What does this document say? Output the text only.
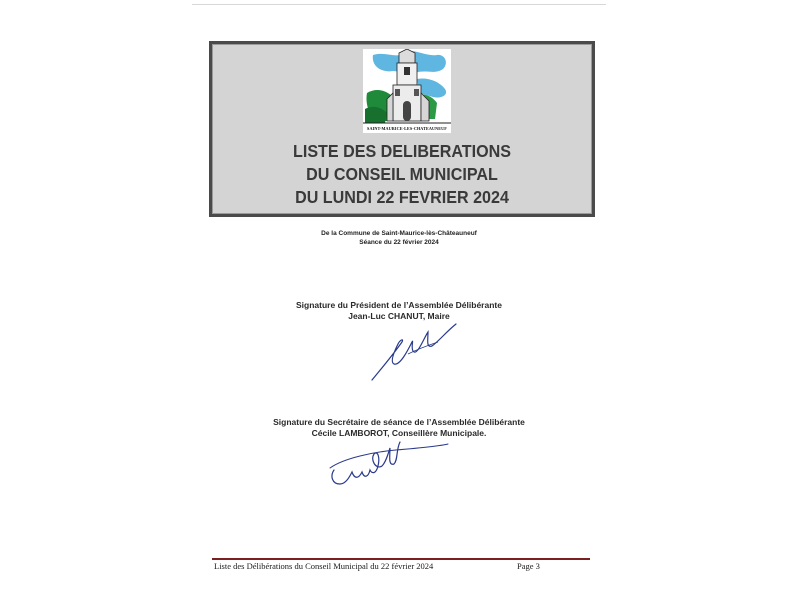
SAINT-MAURICE-LES-CHATEAUNEUF
LISTE DES DELIBERATIONS
DU CONSEIL MUNICIPAL
DU LUNDI 22 FEVRIER 2024
De la Commune de Saint-Maurice-lès-Châteauneuf
Séance du 22 février 2024
Signature du Président de l’Assemblée Délibérante
Jean-Luc CHANUT, Maire
Signature du Secrétaire de séance de l’Assemblée Délibérante
Cécile LAMBOROT, Conseillère Municipale.
Liste des Délibérations du Conseil Municipal du 22 février 2024	Page 3
